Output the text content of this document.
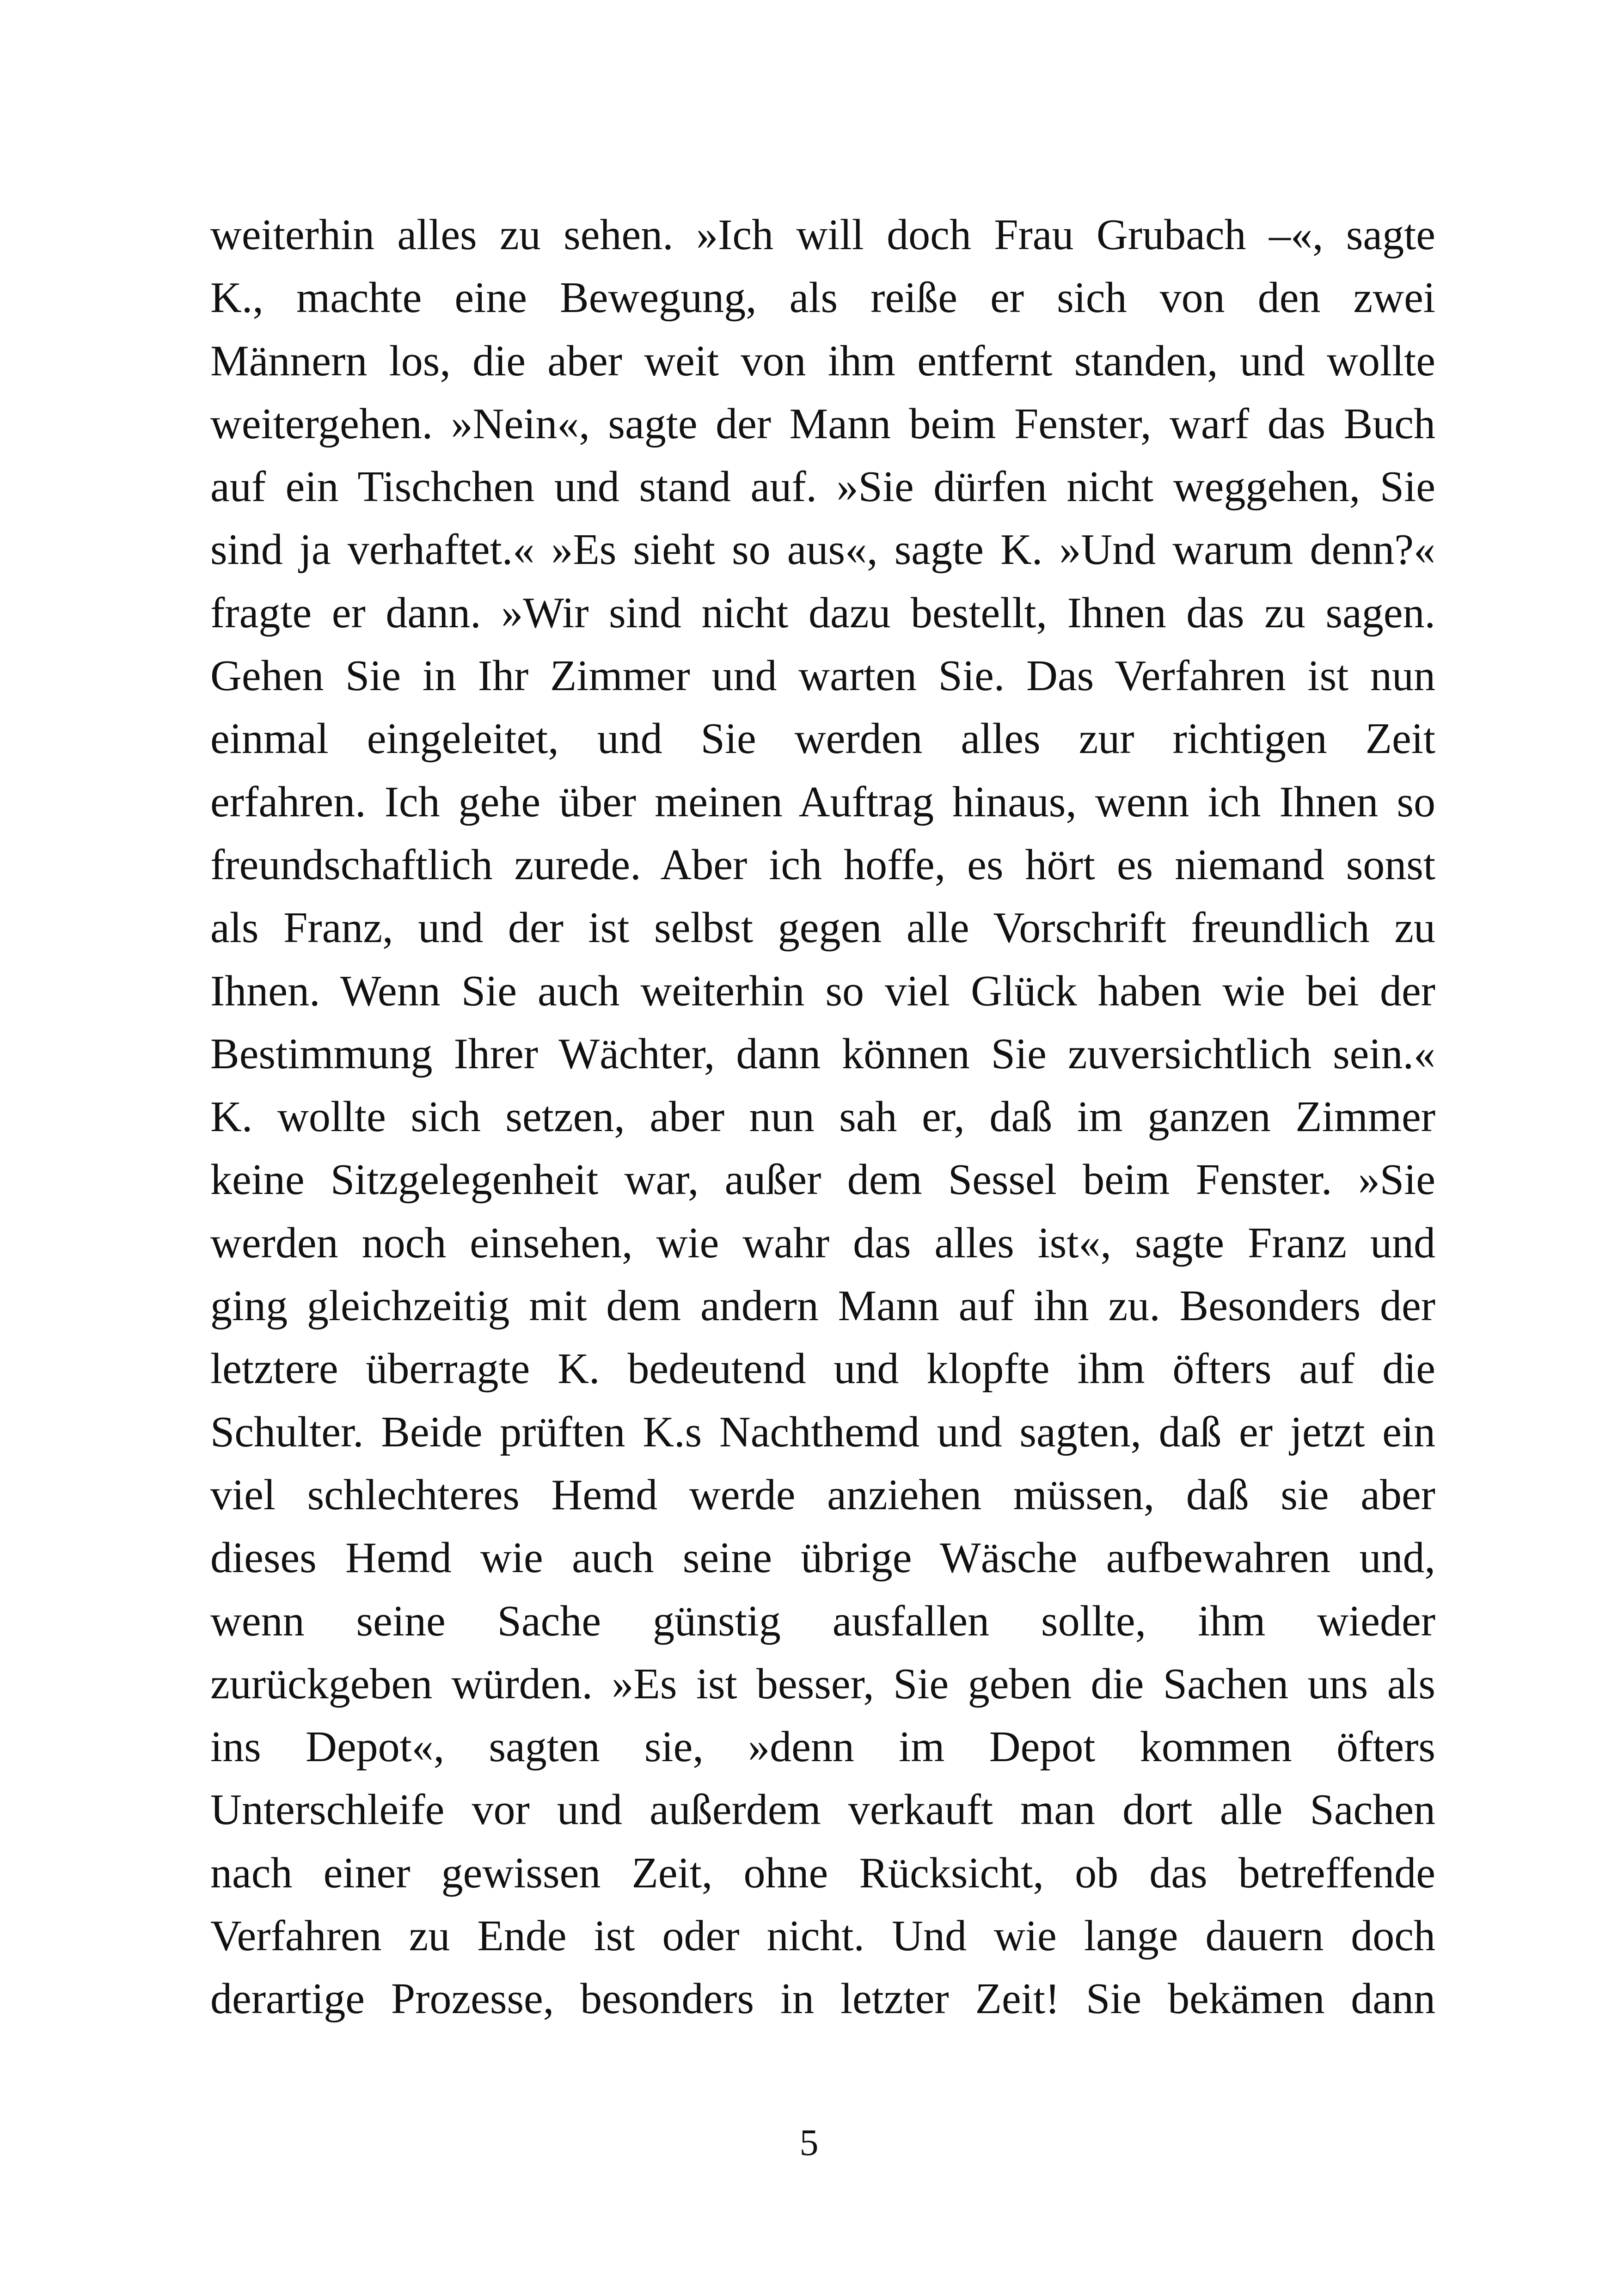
weiterhin alles zu sehen. »Ich will doch Frau Grubach –«, sagte

K., machte eine Bewegung, als reiße er sich von den zwei

Männern los, die aber weit von ihm entfernt standen, und wollte

weitergehen. »Nein«, sagte der Mann beim Fenster, warf das Buch

auf ein Tischchen und stand auf. »Sie dürfen nicht weggehen, Sie

sind ja verhaftet.« »Es sieht so aus«, sagte K. »Und warum denn?«

fragte er dann. »Wir sind nicht dazu bestellt, Ihnen das zu sagen.

Gehen Sie in Ihr Zimmer und warten Sie. Das Verfahren ist nun

einmal eingeleitet, und Sie werden alles zur richtigen Zeit

erfahren. Ich gehe über meinen Auftrag hinaus, wenn ich Ihnen so

freundschaftlich zurede. Aber ich hoffe, es hört es niemand sonst

als Franz, und der ist selbst gegen alle Vorschrift freundlich zu

Ihnen. Wenn Sie auch weiterhin so viel Glück haben wie bei der

Bestimmung Ihrer Wächter, dann können Sie zuversichtlich sein.«

K. wollte sich setzen, aber nun sah er, daß im ganzen Zimmer

keine Sitzgelegenheit war, außer dem Sessel beim Fenster. »Sie

werden noch einsehen, wie wahr das alles ist«, sagte Franz und

ging gleichzeitig mit dem andern Mann auf ihn zu. Besonders der

letztere überragte K. bedeutend und klopfte ihm öfters auf die

Schulter. Beide prüften K.s Nachthemd und sagten, daß er jetzt ein

viel schlechteres Hemd werde anziehen müssen, daß sie aber

dieses Hemd wie auch seine übrige Wäsche aufbewahren und,

wenn seine Sache günstig ausfallen sollte, ihm wieder

zurückgeben würden. »Es ist besser, Sie geben die Sachen uns als

ins Depot«, sagten sie, »denn im Depot kommen öfters

Unterschleife vor und außerdem verkauft man dort alle Sachen

nach einer gewissen Zeit, ohne Rücksicht, ob das betreffende

Verfahren zu Ende ist oder nicht. Und wie lange dauern doch

derartige Prozesse, besonders in letzter Zeit! Sie bekämen dann

5
